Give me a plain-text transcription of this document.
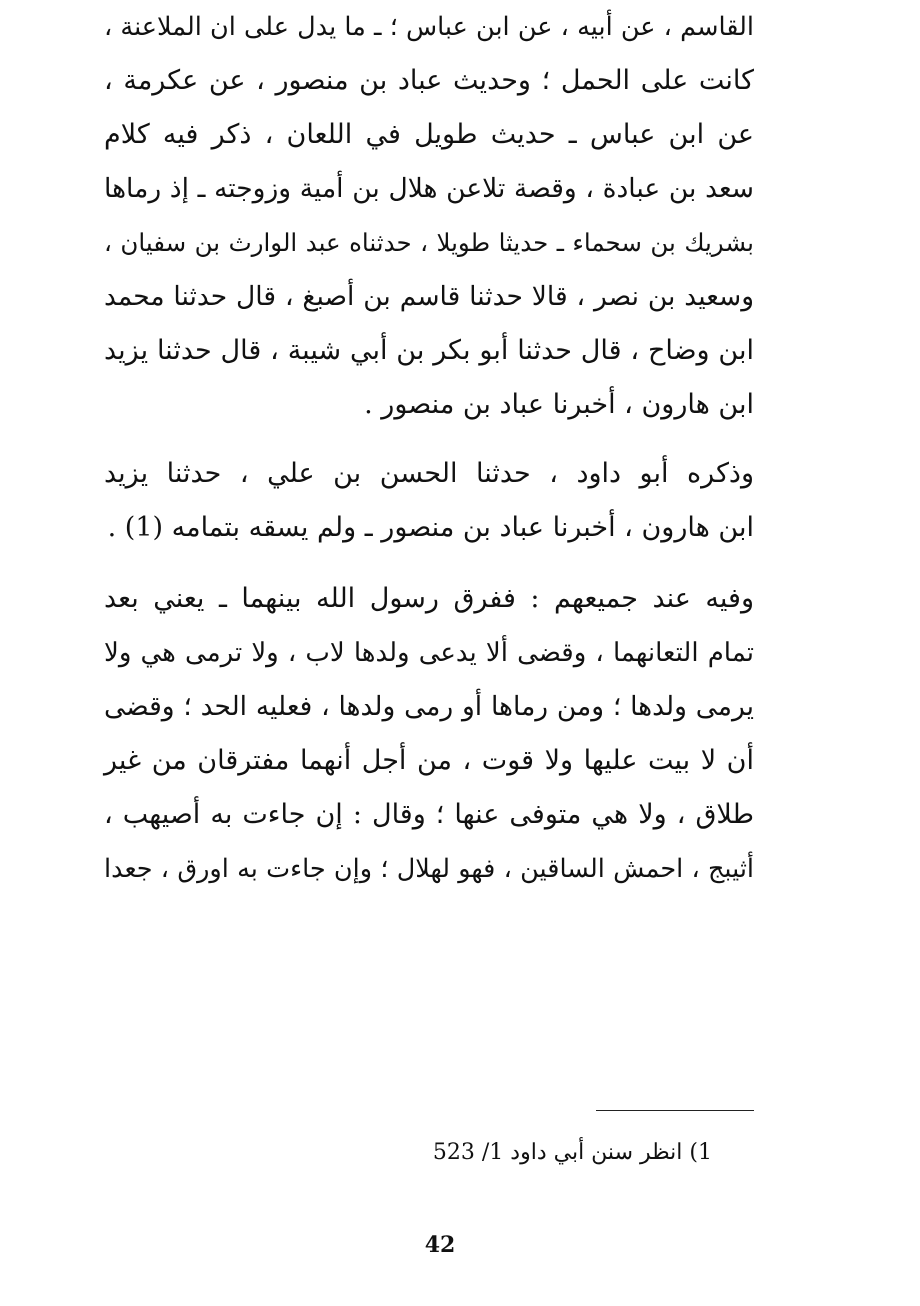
القاسم ، عن أبيه ، عن ابن عباس ؛ ـ ما يدل على ان الملاعنة ،
كانت على الحمل ؛ وحديث عباد بن منصور ، عن عكرمة ،
عن ابن عباس ـ حديث طويل في اللعان ، ذكر فيه كلام
سعد بن عبادة ، وقصة تلاعن هلال بن أمية وزوجته ـ إذ رماها
بشريك بن سحماء ـ حديثا طويلا ، حدثناه عبد الوارث بن سفيان ،
وسعيد بن نصر ، قالا حدثنا قاسم بن أصبغ ، قال حدثنا محمد
ابن وضاح ، قال حدثنا أبو بكر بن أبي شيبة ، قال حدثنا يزيد
ابن هارون ، أخبرنا عباد بن منصور .
وذكره أبو داود ، حدثنا الحسن بن علي ، حدثنا يزيد
ابن هارون ، أخبرنا عباد بن منصور ـ ولم يسقه بتمامه (1) .
وفيه عند جميعهم : ففرق رسول الله بينهما ـ يعني بعد
تمام التعانهما ، وقضى ألا يدعى ولدها لاب ، ولا ترمى هي ولا
يرمى ولدها ؛ ومن رماها أو رمى ولدها ، فعليه الحد ؛ وقضى
أن لا بيت عليها ولا قوت ، من أجل أنهما مفترقان من غير
طلاق ، ولا هي متوفى عنها ؛ وقال : إن جاءت به أصيهب ،
أثيبج ، احمش الساقين ، فهو لهلال ؛ وإن جاءت به اورق ، جعدا
1) انظر سنن أبي داود 1/ 523
42
